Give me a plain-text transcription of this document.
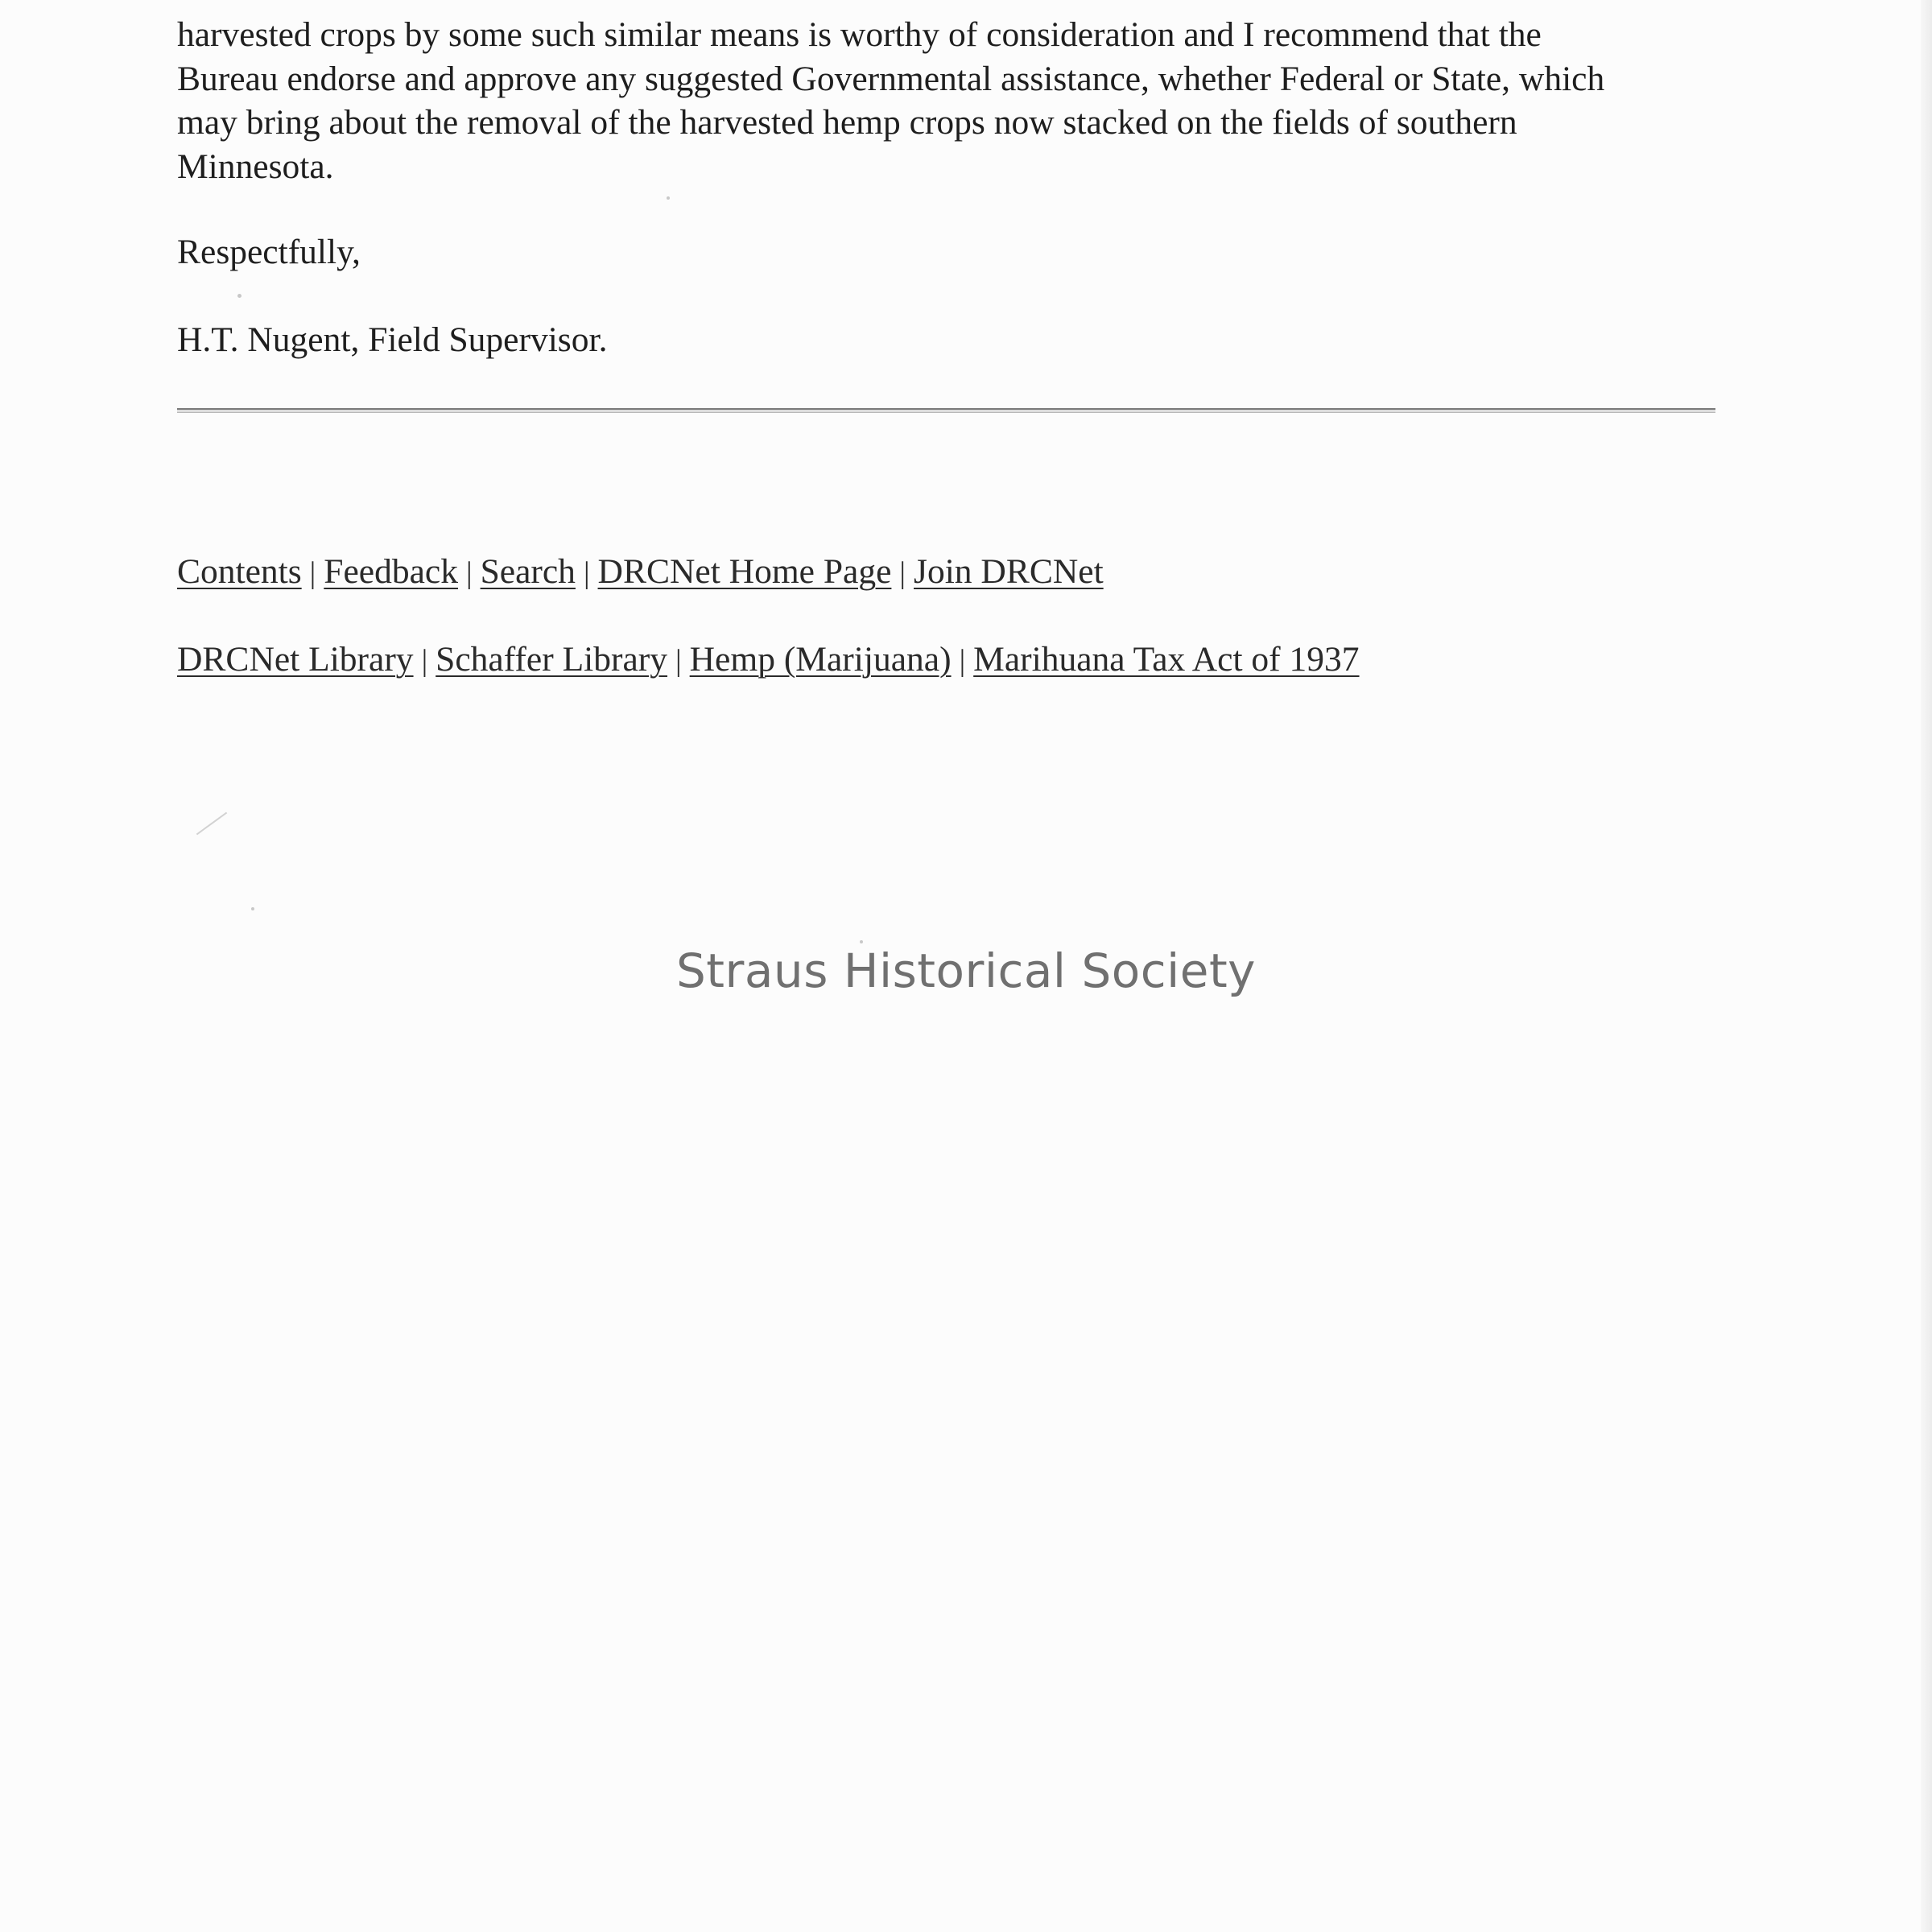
harvested crops by some such similar means is worthy of consideration and I recommend that the
Bureau endorse and approve any suggested Governmental assistance, whether Federal or State, which
may bring about the removal of the harvested hemp crops now stacked on the fields of southern
Minnesota.

Respectfully,

H.T. Nugent, Field Supervisor.

Contents | Feedback | Search | DRCNet Home Page | Join DRCNet
DRCNet Library | Schaffer Library | Hemp (Marijuana) | Marihuana Tax Act of 1937
Straus Historical Society
